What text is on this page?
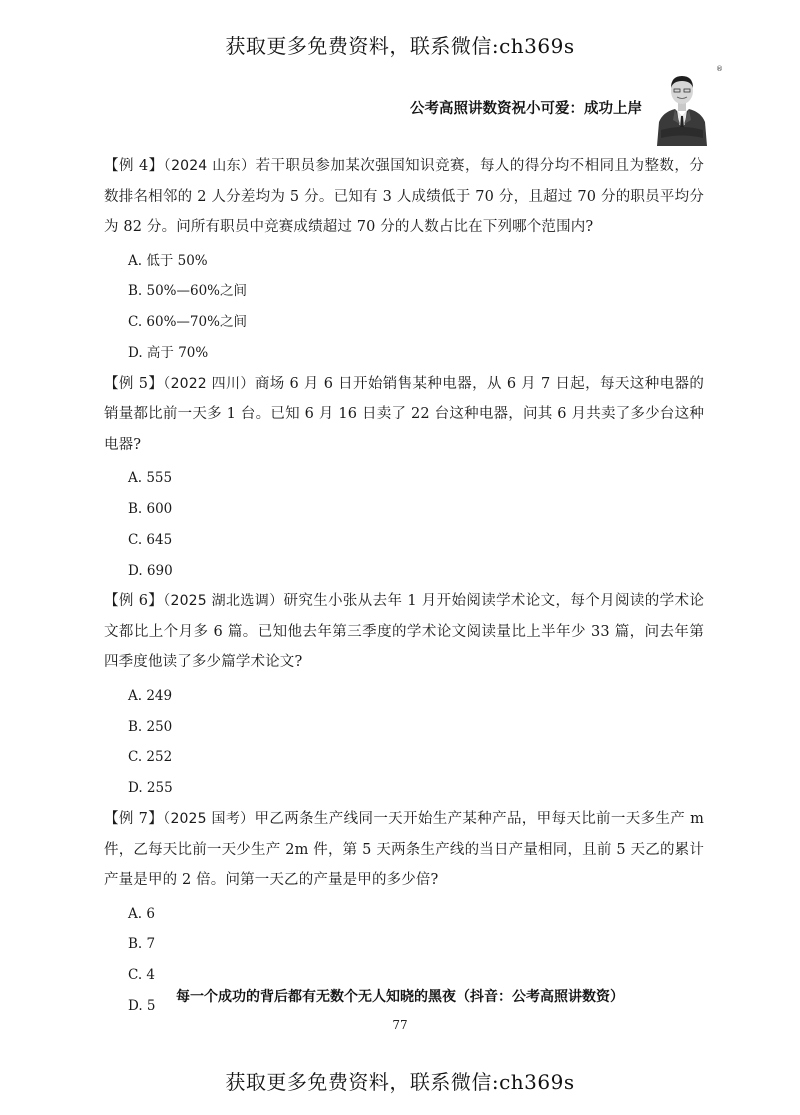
获取更多免费资料，联系微信:ch369s
公考高照讲数资祝小可爱：成功上岸
®

【例 4】（2024 山东）若干职员参加某次强国知识竞赛，每人的得分均不相同且为整数，分数排名相邻的 2 人分差均为 5 分。已知有 3 人成绩低于 70 分，且超过 70 分的职员平均分为 82 分。问所有职员中竞赛成绩超过 70 分的人数占比在下列哪个范围内?

A. 低于 50%
B. 50%—60%之间
C. 60%—70%之间
D. 高于 70%

【例 5】（2022 四川）商场 6 月 6 日开始销售某种电器，从 6 月 7 日起，每天这种电器的销量都比前一天多 1 台。已知 6 月 16 日卖了 22 台这种电器，问其 6 月共卖了多少台这种电器?

A. 555
B. 600
C. 645
D. 690

【例 6】（2025 湖北选调）研究生小张从去年 1 月开始阅读学术论文，每个月阅读的学术论文都比上个月多 6 篇。已知他去年第三季度的学术论文阅读量比上半年少 33 篇，问去年第四季度他读了多少篇学术论文?

A. 249
B. 250
C. 252
D. 255

【例 7】（2025 国考）甲乙两条生产线同一天开始生产某种产品，甲每天比前一天多生产 m 件，乙每天比前一天少生产 2m 件，第 5 天两条生产线的当日产量相同，且前 5 天乙的累计产量是甲的 2 倍。问第一天乙的产量是甲的多少倍?

A. 6
B. 7
C. 4
D. 5
每一个成功的背后都有无数个无人知晓的黑夜（抖音：公考高照讲数资）
77
获取更多免费资料，联系微信:ch369s
